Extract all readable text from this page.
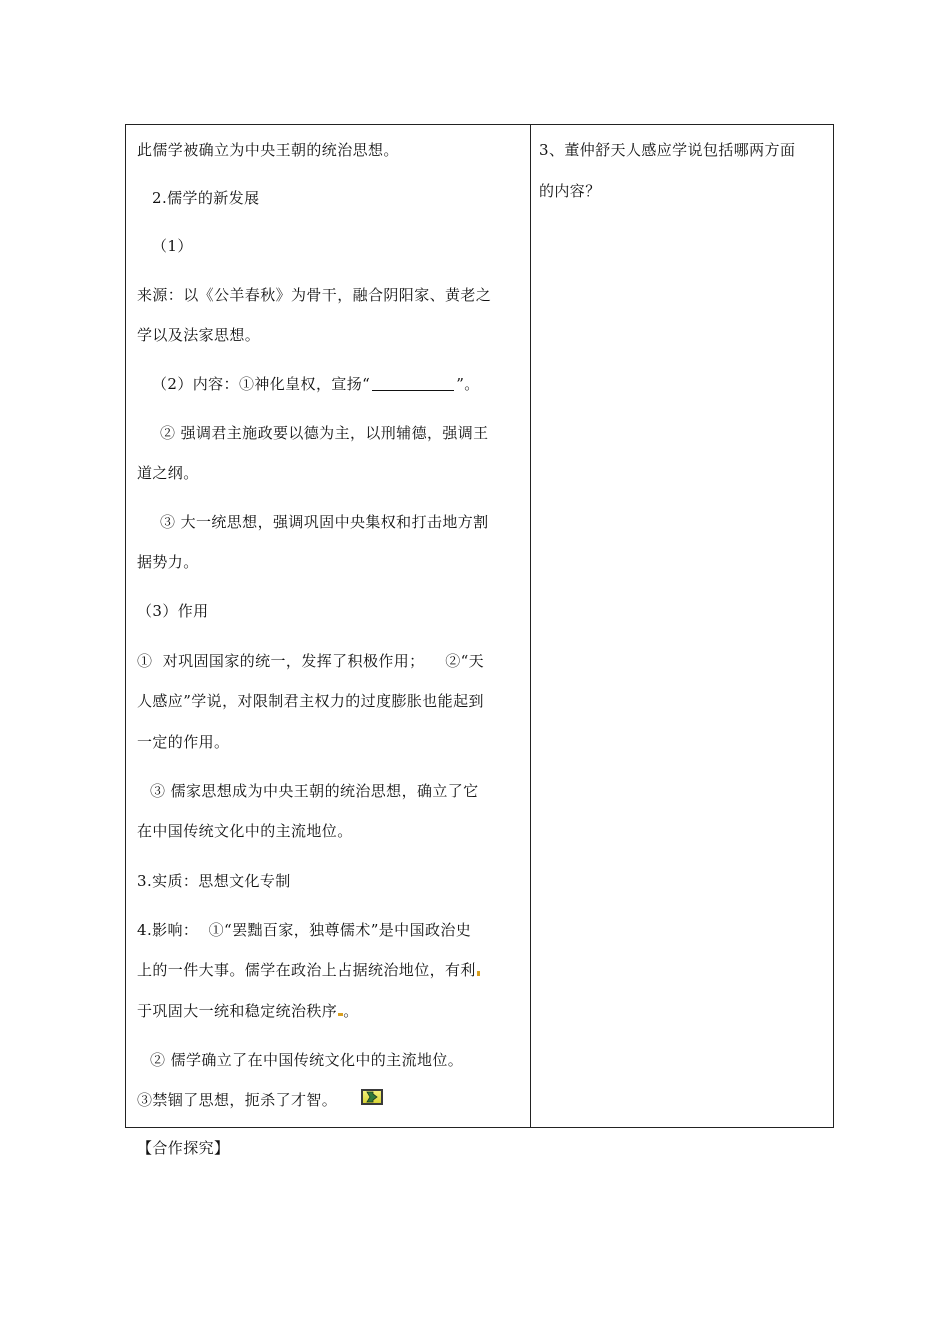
此儒学被确立为中央王朝的统治思想。
2.儒学的新发展
（1）
来源：以《公羊春秋》为骨干，融合阴阳家、黄老之
学以及法家思想。
（2）内容：①神化皇权，宣扬“	”。
② 强调君主施政要以德为主，以刑辅德，强调王
道之纲。
③ 大一统思想，强调巩固中央集权和打击地方割
据势力。
（3）作用
①  对巩固国家的统一，发挥了积极作用；    ②“天
人感应”学说，对限制君主权力的过度膨胀也能起到
一定的作用。
③ 儒家思想成为中央王朝的统治思想，确立了它
在中国传统文化中的主流地位。
3.实质：思想文化专制
4.影响：  ①“罢黜百家，独尊儒术”是中国政治史
上的一件大事。儒学在政治上占据统治地位，有利
于巩固大一统和稳定统治秩序 。
② 儒学确立了在中国传统文化中的主流地位。
③禁锢了思想，扼杀了才智。
3、董仲舒天人感应学说包括哪两方面
的内容？
【合作探究】
